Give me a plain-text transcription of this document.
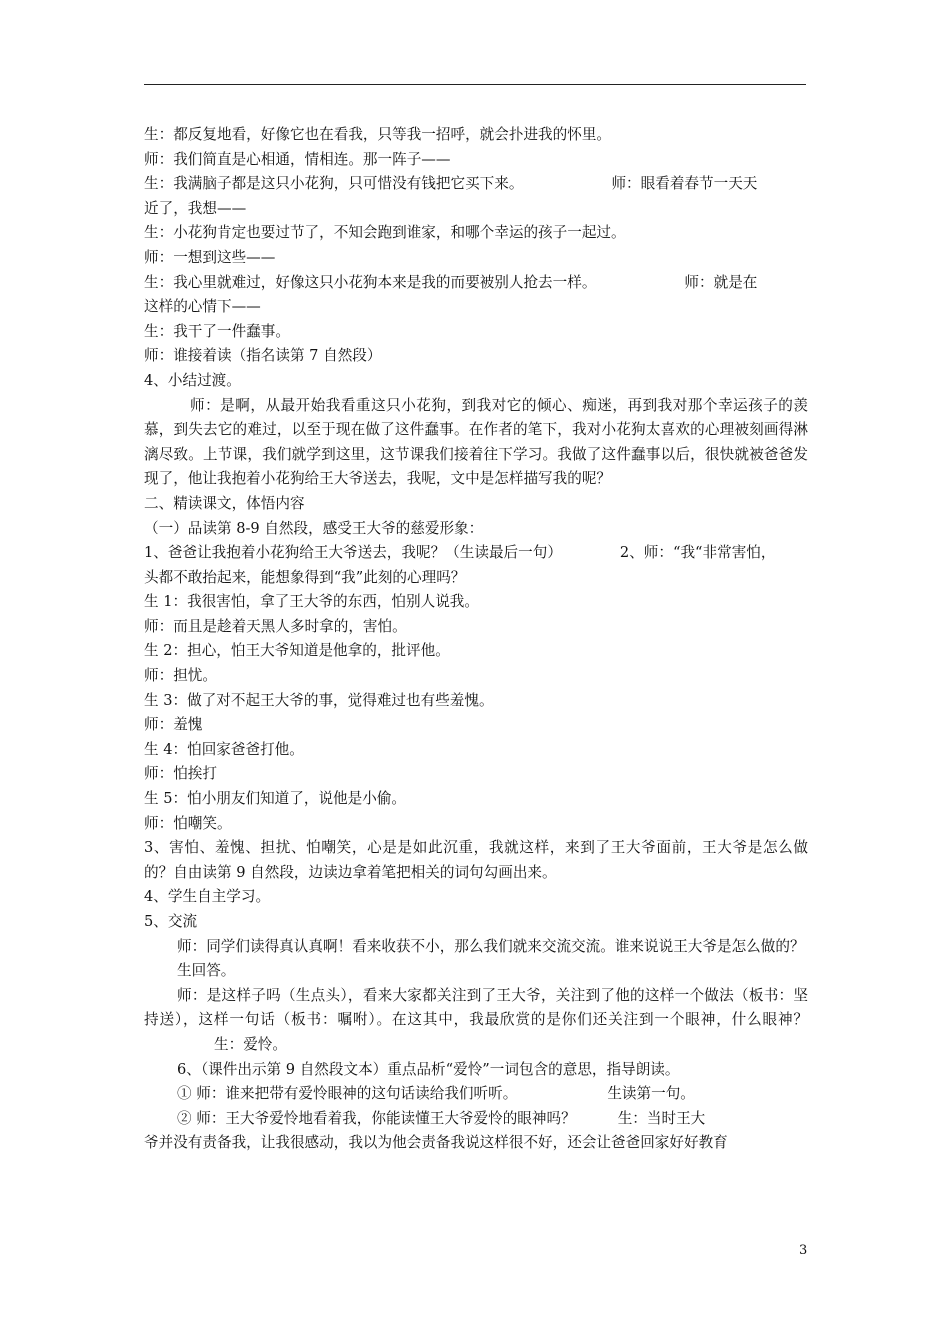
生：都反复地看，好像它也在看我，只等我一招呼，就会扑进我的怀里。
师：我们简直是心相通，情相连。那一阵子——
生：我满脑子都是这只小花狗，只可惜没有钱把它买下来。	师：眼看着春节一天天
近了，我想——
生：小花狗肯定也要过节了，不知会跑到谁家，和哪个幸运的孩子一起过。
师：一想到这些——
生：我心里就难过，好像这只小花狗本来是我的而要被别人抢去一样。	师：就是在
这样的心情下——
生：我干了一件蠢事。
师：谁接着读（指名读第 7 自然段）
4、小结过渡。
师：是啊，从最开始我看重这只小花狗，到我对它的倾心、痴迷，再到我对那个幸运孩子的羡慕，到失去它的难过，以至于现在做了这件蠢事。在作者的笔下，我对小花狗太喜欢的心理被刻画得淋漓尽致。上节课，我们就学到这里，这节课我们接着往下学习。我做了这件蠢事以后，很快就被爸爸发现了，他让我抱着小花狗给王大爷送去，我呢，文中是怎样描写我的呢？
二、精读课文，体悟内容
（一）品读第 8-9 自然段，感受王大爷的慈爱形象：
1、爸爸让我抱着小花狗给王大爷送去，我呢？（生读最后一句）	2、师：“我“非常害怕，
头都不敢抬起来，能想象得到“我”此刻的心理吗？
生 1：我很害怕，拿了王大爷的东西，怕别人说我。
师：而且是趁着天黑人多时拿的，害怕。
生 2：担心，怕王大爷知道是他拿的，批评他。
师：担忧。
生 3：做了对不起王大爷的事，觉得难过也有些羞愧。
师：羞愧
生 4：怕回家爸爸打他。
师：怕挨打
生 5：怕小朋友们知道了，说他是小偷。
师：怕嘲笑。
3、害怕、羞愧、担扰、怕嘲笑，心是是如此沉重，我就这样，来到了王大爷面前，王大爷是怎么做的？自由读第 9 自然段，边读边拿着笔把相关的词句勾画出来。
4、学生自主学习。
5、交流
师：同学们读得真认真啊！看来收获不小，那么我们就来交流交流。谁来说说王大爷是怎么做的？
生回答。
师：是这样子吗（生点头），看来大家都关注到了王大爷，关注到了他的这样一个做法（板书：坚持送），这样一句话（板书：嘱咐）。在这其中，我最欣赏的是你们还关注到一个眼神，什么眼神？生：爱怜。
6、（课件出示第 9 自然段文本）重点品析“爱怜”一词包含的意思，指导朗读。
① 师：谁来把带有爱怜眼神的这句话读给我们听听。	生读第一句。
② 师：王大爷爱怜地看着我，你能读懂王大爷爱怜的眼神吗？	生：当时王大
爷并没有责备我，让我很感动，我以为他会责备我说这样很不好，还会让爸爸回家好好教育
3
